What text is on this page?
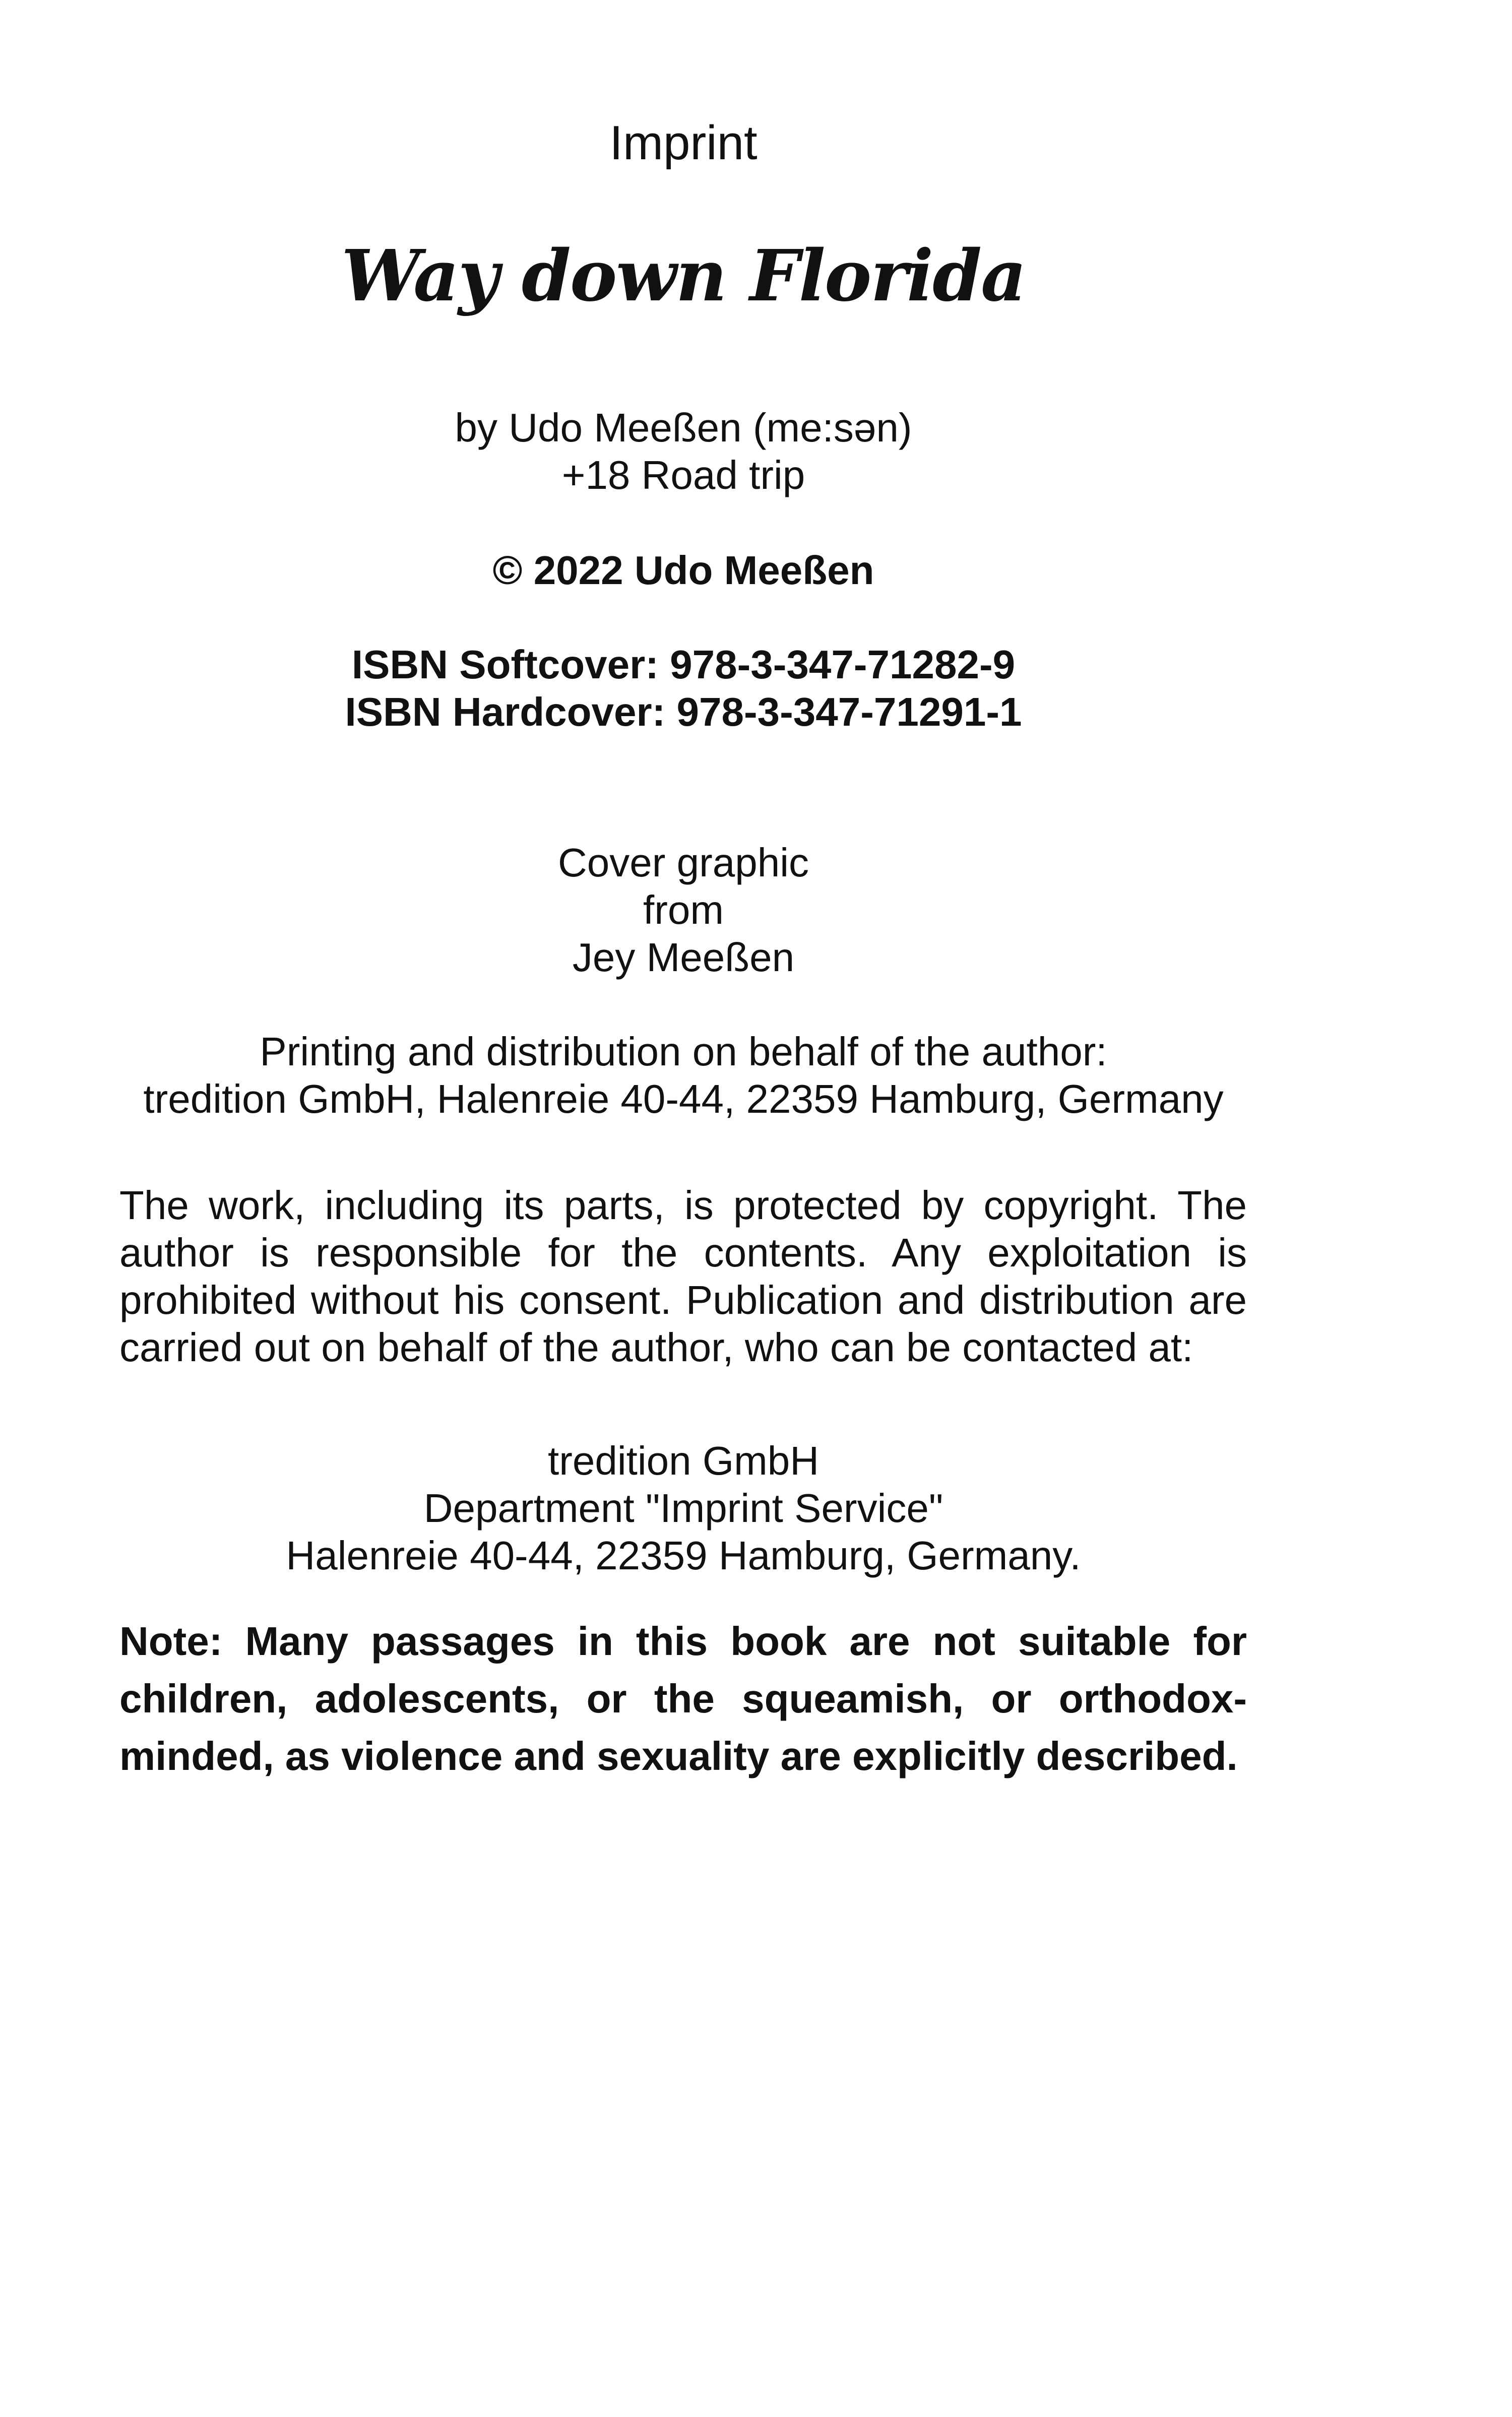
Imprint
Way down Florida
by Udo Meeßen (me:sən)
+18 Road trip
© 2022 Udo Meeßen
ISBN Softcover: 978-3-347-71282-9
ISBN Hardcover: 978-3-347-71291-1
Cover graphic
from
Jey Meeßen
Printing and distribution on behalf of the author:
tredition GmbH, Halenreie 40-44, 22359 Hamburg, Germany
The work, including its parts, is protected by copyright. The author is responsible for the contents. Any exploitation is prohibited without his consent. Publication and distribution are carried out on behalf of the author, who can be contacted at:
tredition GmbH
Department "Imprint Service"
Halenreie 40-44, 22359 Hamburg, Germany.
Note: Many passages in this book are not suitable for children, adolescents, or the squeamish, or orthodox-minded, as violence and sexuality are explicitly described.
